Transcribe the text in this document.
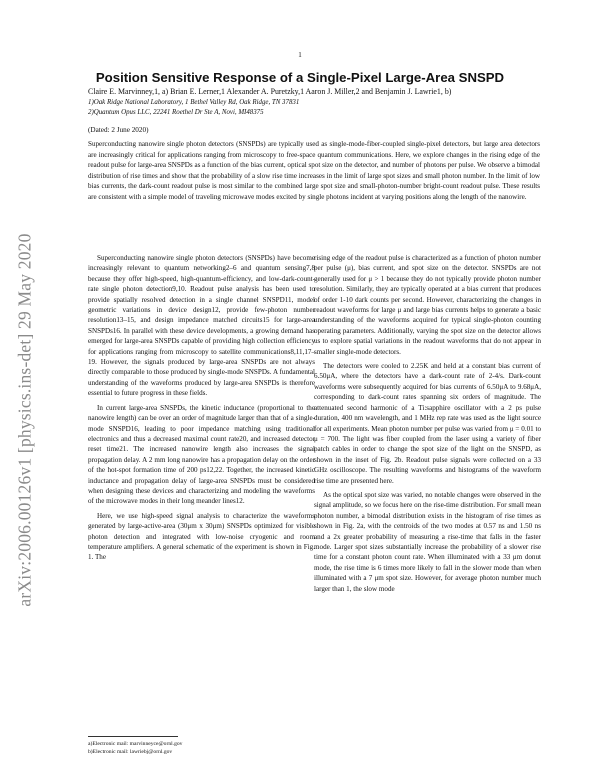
1
arXiv:2006.00126v1 [physics.ins-det] 29 May 2020
Position Sensitive Response of a Single-Pixel Large-Area SNSPD
Claire E. Marvinney,1, a) Brian E. Lerner,1 Alexander A. Puretzky,1 Aaron J. Miller,2 and Benjamin J. Lawrie1, b)
1)Oak Ridge National Laboratory, 1 Bethel Valley Rd, Oak Ridge, TN 37831
2)Quantum Opus LLC, 22241 Roethel Dr Ste A, Novi, MI48375
(Dated: 2 June 2020)
Superconducting nanowire single photon detectors (SNSPDs) are typically used as single-mode-fiber-coupled single-pixel detectors, but large area detectors are increasingly critical for applications ranging from microscopy to free-space quantum communications. Here, we explore changes in the rising edge of the readout pulse for large-area SNSPDs as a function of the bias current, optical spot size on the detector, and number of photons per pulse. We observe a bimodal distribution of rise times and show that the probability of a slow rise time increases in the limit of large spot sizes and small photon number. In the limit of low bias currents, the dark-count readout pulse is most similar to the combined large spot size and small-photon-number bright-count readout pulse. These results are consistent with a simple model of traveling microwave modes excited by single photons incident at varying positions along the length of the nanowire.

Superconducting nanowire single photon detectors (SNSPDs) have become increasingly relevant to quantum networking2–6 and quantum sensing7,8 because they offer high-speed, high-quantum-efficiency, and low-dark-count-rate single photon detection9,10. Readout pulse analysis has been used to provide spatially resolved detection in a single channel SNSPD11, model geometric variations in device design12, provide few-photon number resolution13–15, and design impedance matched circuits15 for large-area SNSPDs16. In parallel with these device developments, a growing demand has emerged for large-area SNSPDs capable of providing high collection efficiency for applications ranging from microscopy to satellite communications8,11,17–19. However, the signals produced by large-area SNSPDs are not always directly comparable to those produced by single-mode SNSPDs. A fundamental understanding of the waveforms produced by large-area SNSPDs is therefore essential to future progress in these fields.

In current large-area SNSPDs, the kinetic inductance (proportional to the nanowire length) can be over an order of magnitude larger than that of a single-mode SNSPD16, leading to poor impedance matching using traditional electronics and thus a decreased maximal count rate20, and increased detector reset time21. The increased nanowire length also increases the signal propagation delay. A 2 mm long nanowire has a propagation delay on the order of the hot-spot formation time of 200 ps12,22. Together, the increased kinetic inductance and propagation delay of large-area SNSPDs must be considered when designing these devices and characterizing and modeling the waveforms of the microwave modes in their long meander lines12.

Here, we use high-speed signal analysis to characterize the waveforms generated by large-active-area (30μm x 30μm) SNSPDs optimized for visible photon detection and integrated with low-noise cryogenic and room temperature amplifiers. A general schematic of the experiment is shown in Fig. 1. The

rising edge of the readout pulse is characterized as a function of photon number per pulse (μ), bias current, and spot size on the detector. SNSPDs are not generally used for μ > 1 because they do not typically provide photon number resolution. Similarly, they are typically operated at a bias current that produces of order 1-10 dark counts per second. However, characterizing the changes in readout waveforms for large μ and large bias currents helps to generate a basic understanding of the waveforms acquired for typical single-photon counting operating parameters. Additionally, varying the spot size on the detector allows us to explore spatial variations in the readout waveforms that do not appear in smaller single-mode detectors.

The detectors were cooled to 2.25K and held at a constant bias current of 6.50μA, where the detectors have a dark-count rate of 2-4/s. Dark-count waveforms were subsequently acquired for bias currents of 6.50μA to 9.68μA, corresponding to dark-count rates spanning six orders of magnitude. The attenuated second harmonic of a Ti:sapphire oscillator with a 2 ps pulse duration, 400 nm wavelength, and 1 MHz rep rate was used as the light source for all experiments. Mean photon number per pulse was varied from μ = 0.01 to μ = 700. The light was fiber coupled from the laser using a variety of fiber patch cables in order to change the spot size of the light on the SNSPD, as shown in the inset of Fig. 2b. Readout pulse signals were collected on a 33 GHz oscilloscope. The resulting waveforms and histograms of the waveform rise time are presented here.

As the optical spot size was varied, no notable changes were observed in the signal amplitude, so we focus here on the rise-time distribution. For small mean photon number, a bimodal distribution exists in the histogram of rise times as shown in Fig. 2a, with the centroids of the two modes at 0.57 ns and 1.50 ns and a 2x greater probability of measuring a rise-time that falls in the faster mode. Larger spot sizes substantially increase the probability of a slower rise time for a constant photon count rate. When illuminated with a 33 μm donut mode, the rise time is 6 times more likely to fall in the slower mode than when illuminated with a 7 μm spot size. However, for average photon number much larger than 1, the slow mode

a)Electronic mail: marvinneyce@ornl.gov
b)Electronic mail: lawriebj@ornl.gov
